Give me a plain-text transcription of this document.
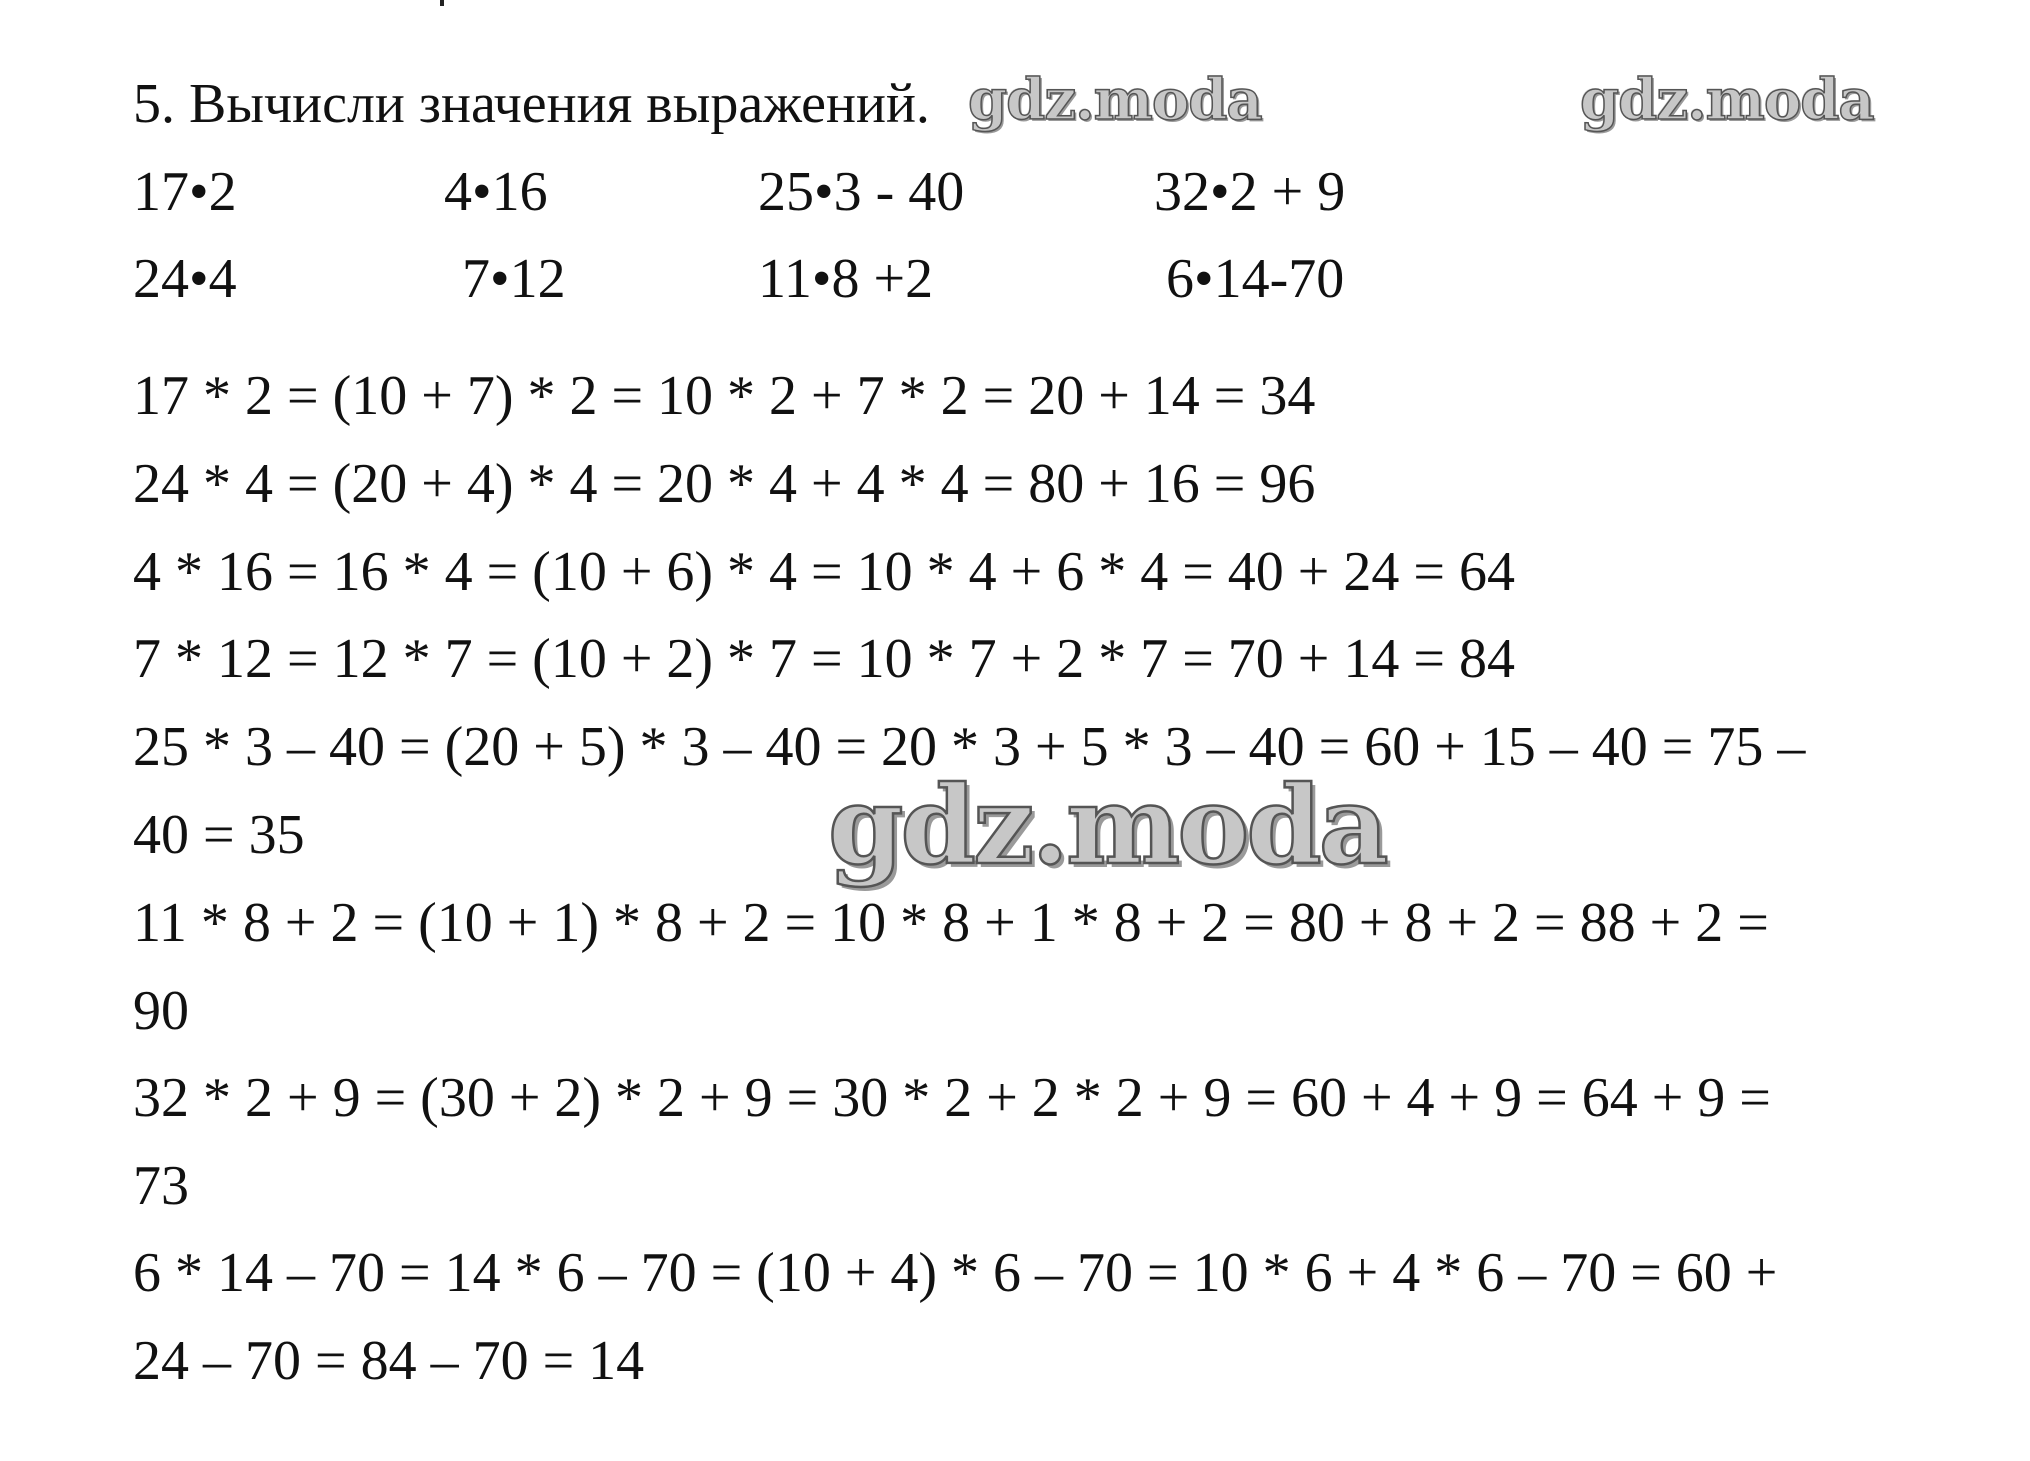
5. Вычисли значения выражений.
17•2	4•16	25•3 - 40	32•2 + 9
24•4	7•12	11•8 +2	6•14-70
17 * 2 = (10 + 7) * 2 = 10 * 2 + 7 * 2 = 20 + 14 = 34
24 * 4 = (20 + 4) * 4 = 20 * 4 + 4 * 4 = 80 + 16 = 96
4 * 16 = 16 * 4 = (10 + 6) * 4 = 10 * 4 + 6 * 4 = 40 + 24 = 64
7 * 12 = 12 * 7 = (10 + 2) * 7 = 10 * 7 + 2 * 7 = 70 + 14 = 84
25 * 3 – 40 = (20 + 5) * 3 – 40 = 20 * 3 + 5 * 3 – 40 = 60 + 15 – 40 = 75 –
40 = 35
11 * 8 + 2 = (10 + 1) * 8 + 2 = 10 * 8 + 1 * 8 + 2 = 80 + 8 + 2 = 88 + 2 =
90
32 * 2 + 9 = (30 + 2) * 2 + 9 = 30 * 2 + 2 * 2 + 9 = 60 + 4 + 9 = 64 + 9 =
73
6 * 14 – 70 = 14 * 6 – 70 = (10 + 4) * 6 – 70 = 10 * 6 + 4 * 6 – 70 = 60 +
24 – 70 = 84 – 70 = 14
gdz.moda	gdz.moda
gdz.moda
